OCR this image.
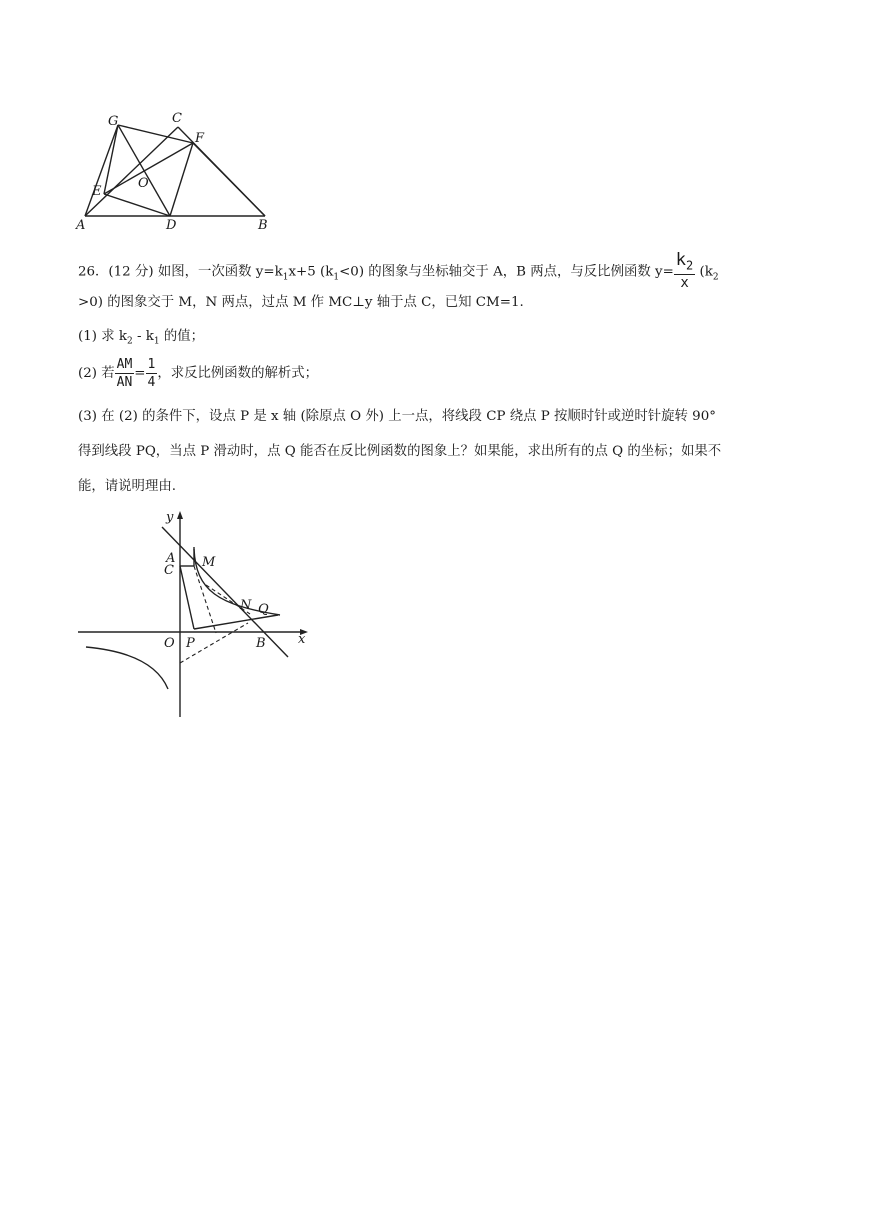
G	C
F
O
E
A	D	B
26．(12 分) 如图，一次函数 $y=k_1x+5$ $(k_1<0)$ 的图象与坐标轴交于 A，B 两点，与反比例函数 $y= \frac{k_2}{x} (k_2$
>0) 的图象交于 M，N 两点，过点 M 作 MC⊥y 轴于点 C，已知 CM=1.
(1) 求 $k_2 - k_1$ 的值；
(2) 若 $\frac{AM}{AN} = \frac{1}{4}$ ，求反比例函数的解析式；
(3) 在 (2) 的条件下，设点 P 是 x 轴 (除原点 O 外) 上一点，将线段 CP 绕点 P 按顺时针或逆时针旋转 90°
得到线段 PQ，当点 P 滑动时，点 Q 能否在反比例函数的图象上？如果能，求出所有的点 Q 的坐标；如果不
能，请说明理由.
A
C
M
N Q
O P	B x
y
